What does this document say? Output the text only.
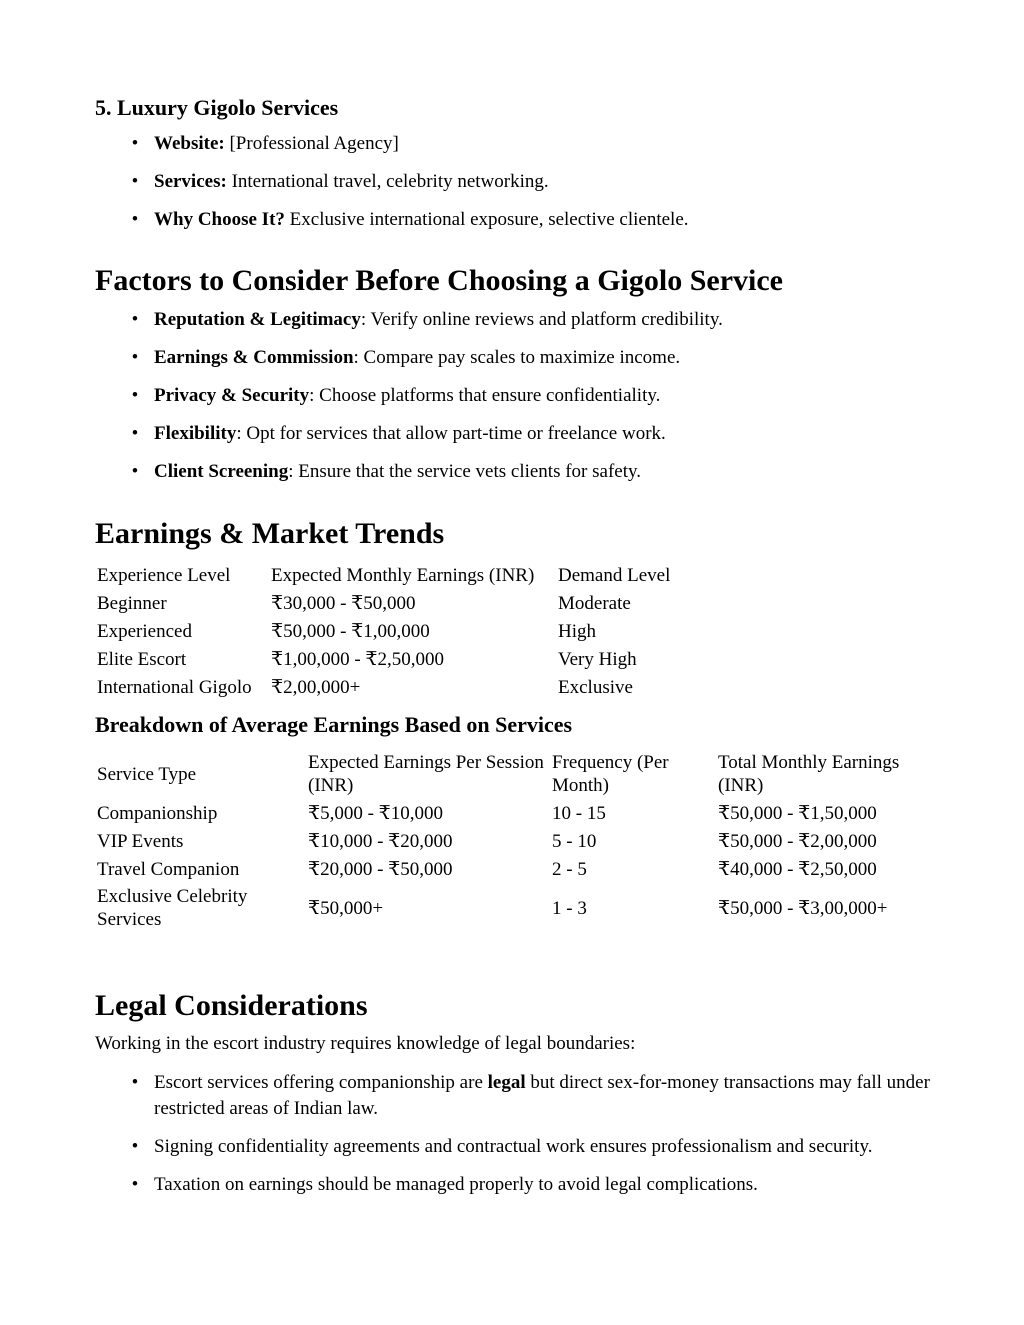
5. Luxury Gigolo Services
• Website: [Professional Agency]
• Services: International travel, celebrity networking.
• Why Choose It? Exclusive international exposure, selective clientele.
Factors to Consider Before Choosing a Gigolo Service
• Reputation & Legitimacy: Verify online reviews and platform credibility.
• Earnings & Commission: Compare pay scales to maximize income.
• Privacy & Security: Choose platforms that ensure confidentiality.
• Flexibility: Opt for services that allow part-time or freelance work.
• Client Screening: Ensure that the service vets clients for safety.
Earnings & Market Trends
Experience Level	Expected Monthly Earnings (INR)	Demand Level
Beginner	₹30,000 - ₹50,000	Moderate
Experienced	₹50,000 - ₹1,00,000	High
Elite Escort	₹1,00,000 - ₹2,50,000	Very High
International Gigolo	₹2,00,000+	Exclusive
Breakdown of Average Earnings Based on Services
Service Type	Expected Earnings Per Session (INR)	Frequency (Per Month)	Total Monthly Earnings (INR)
Companionship	₹5,000 - ₹10,000	10 - 15	₹50,000 - ₹1,50,000
VIP Events	₹10,000 - ₹20,000	5 - 10	₹50,000 - ₹2,00,000
Travel Companion	₹20,000 - ₹50,000	2 - 5	₹40,000 - ₹2,50,000
Exclusive Celebrity Services	₹50,000+	1 - 3	₹50,000 - ₹3,00,000+
Legal Considerations

Working in the escort industry requires knowledge of legal boundaries:

• Escort services offering companionship are legal but direct sex-for-money transactions may fall under restricted areas of Indian law.
• Signing confidentiality agreements and contractual work ensures professionalism and security.
• Taxation on earnings should be managed properly to avoid legal complications.
